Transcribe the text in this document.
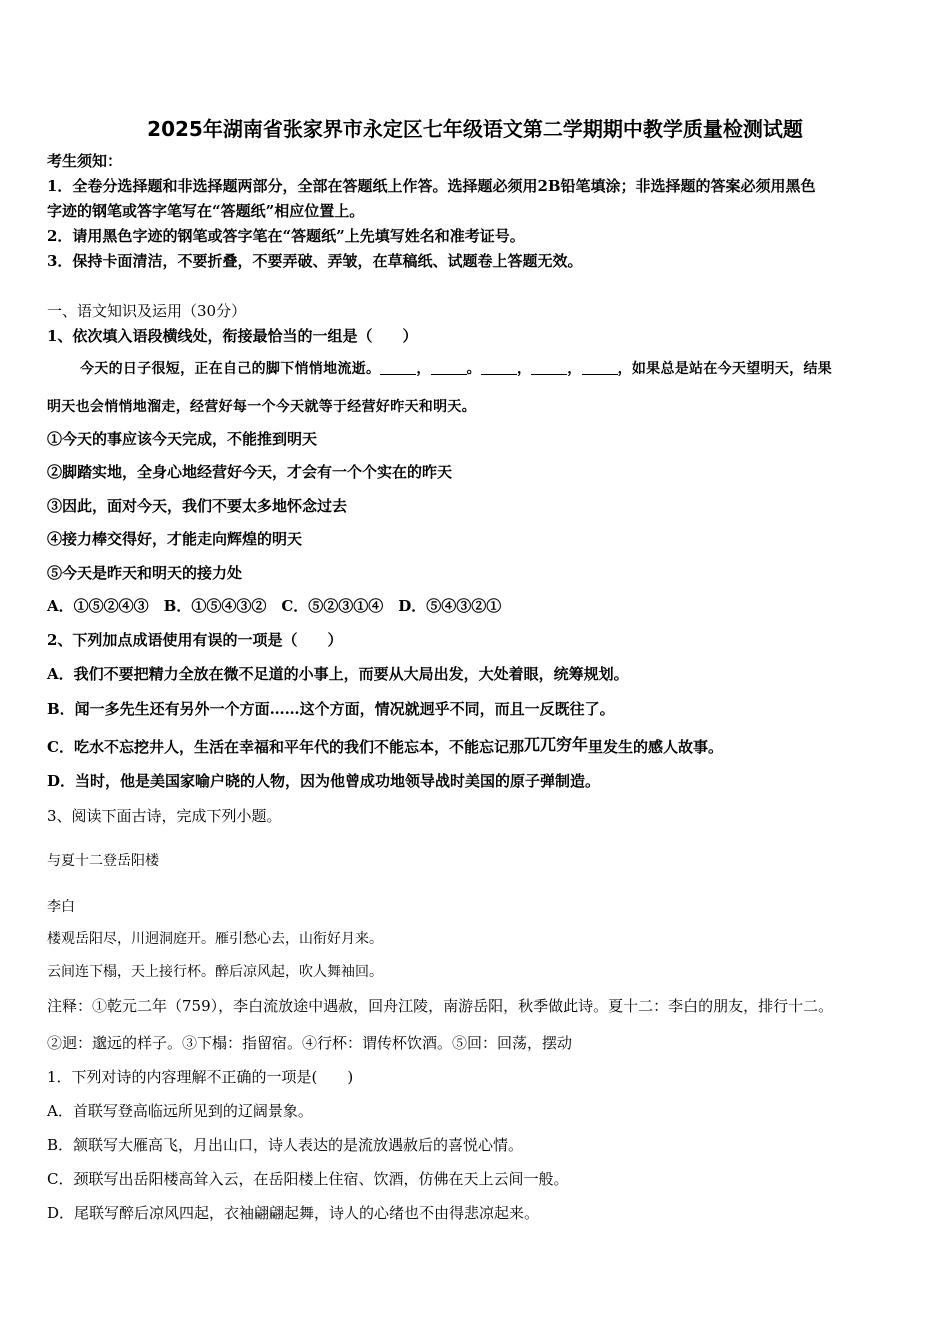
2025年湖南省张家界市永定区七年级语文第二学期期中教学质量检测试题
考生须知：
1．全卷分选择题和非选择题两部分，全部在答题纸上作答。选择题必须用2B铅笔填涂；非选择题的答案必须用黑色
字迹的钢笔或答字笔写在“答题纸”相应位置上。
2．请用黑色字迹的钢笔或答字笔在“答题纸”上先填写姓名和准考证号。
3．保持卡面清洁，不要折叠，不要弄破、弄皱，在草稿纸、试题卷上答题无效。
一、语文知识及运用（30分）
1、依次填入语段横线处，衔接最恰当的一组是（　　）
今天的日子很短，正在自己的脚下悄悄地流逝。	，	。	，	，	，如果总是站在今天望明天，结果
明天也会悄悄地溜走，经营好每一个今天就等于经营好昨天和明天。
①今天的事应该今天完成，不能推到明天
②脚踏实地，全身心地经营好今天，才会有一个个实在的昨天
③因此，面对今天，我们不要太多地怀念过去
④接力棒交得好，才能走向辉煌的明天
⑤今天是昨天和明天的接力处
A．①⑤②④③　B．①⑤④③②　C．⑤②③①④　D．⑤④③②①
2、下列加点成语使用有误的一项是（　　）
A．我们不要把精力全放在微不足道的小事上，而要从大局出发，大处着眼，统筹规划。
B．闻一多先生还有另外一个方面……这个方面，情况就迥乎不同，而且一反既往了。
C．吃水不忘挖井人，生活在幸福和平年代的我们不能忘本，不能忘记那兀兀穷年里发生的感人故事。
D．当时，他是美国家喻户晓的人物，因为他曾成功地领导战时美国的原子弹制造。
3、阅读下面古诗，完成下列小题。
与夏十二登岳阳楼
李白
楼观岳阳尽，川迥洞庭开。雁引愁心去，山衔好月来。
云间连下榻，天上接行杯。醉后凉风起，吹人舞袖回。
注释：①乾元二年（759），李白流放途中遇赦，回舟江陵，南游岳阳，秋季做此诗。夏十二：李白的朋友，排行十二。
②迥：邈远的样子。③下榻：指留宿。④行杯：谓传杯饮酒。⑤回：回荡，摆动
1．下列对诗的内容理解不正确的一项是(　　)
A．首联写登高临远所见到的辽阔景象。
B．颔联写大雁高飞，月出山口，诗人表达的是流放遇赦后的喜悦心情。
C．颈联写出岳阳楼高耸入云，在岳阳楼上住宿、饮酒，仿佛在天上云间一般。
D．尾联写醉后凉风四起，衣袖翩翩起舞，诗人的心绪也不由得悲凉起来。
